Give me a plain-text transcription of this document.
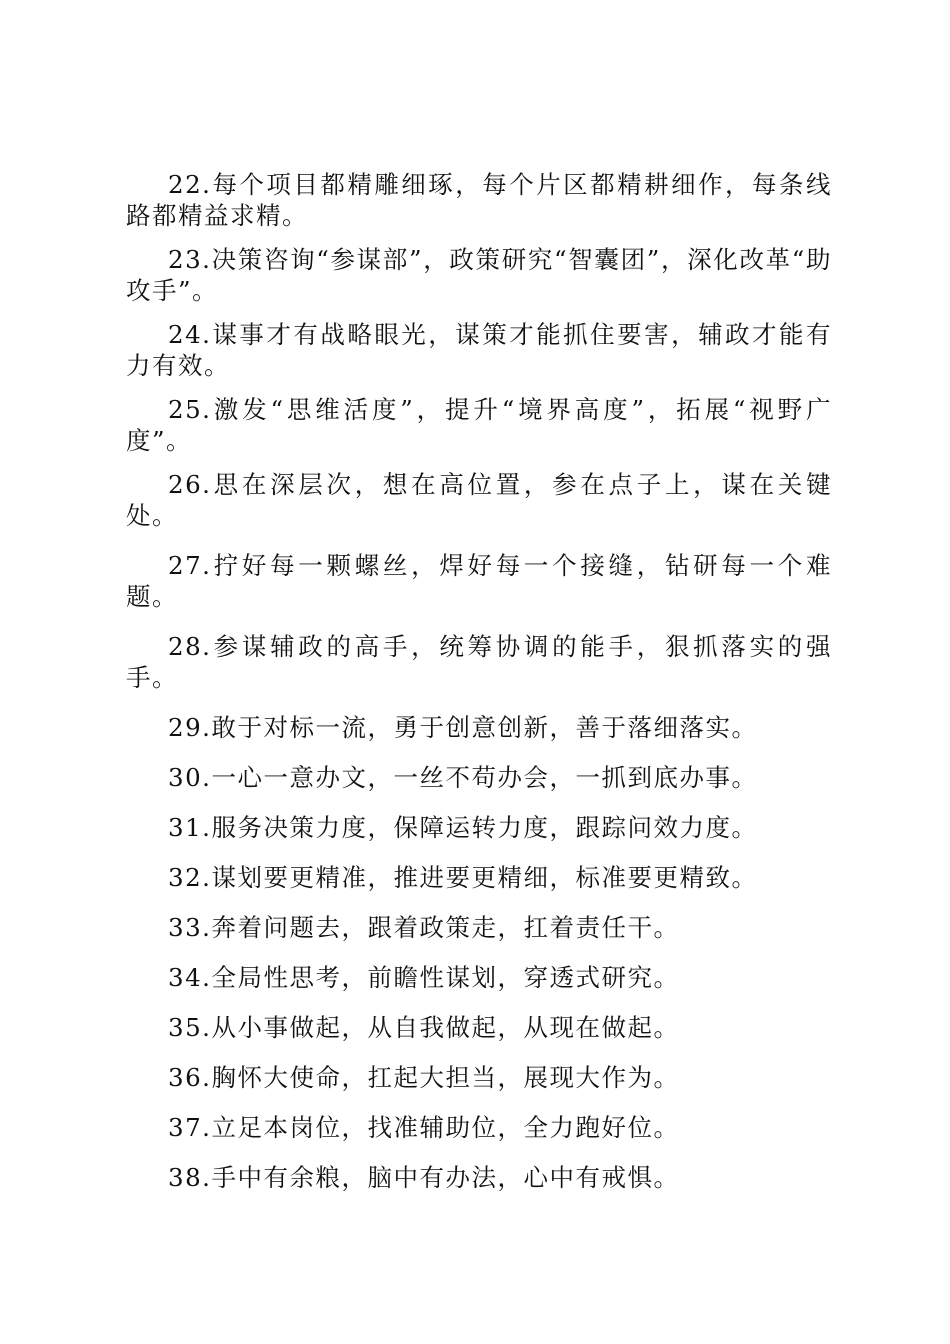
22.每个项目都精雕细琢，每个片区都精耕细作，每条线路都精益求精。

23.决策咨询“参谋部”，政策研究“智囊团”，深化改革“助攻手”。

24.谋事才有战略眼光，谋策才能抓住要害，辅政才能有力有效。

25.激发“思维活度”，提升“境界高度”，拓展“视野广度”。

26.思在深层次，想在高位置，参在点子上，谋在关键处。

27.拧好每一颗螺丝，焊好每一个接缝，钻研每一个难题。

28.参谋辅政的高手，统筹协调的能手，狠抓落实的强手。

29.敢于对标一流，勇于创意创新，善于落细落实。

30.一心一意办文，一丝不苟办会，一抓到底办事。

31.服务决策力度，保障运转力度，跟踪问效力度。

32.谋划要更精准，推进要更精细，标准要更精致。

33.奔着问题去，跟着政策走，扛着责任干。

34.全局性思考，前瞻性谋划，穿透式研究。

35.从小事做起，从自我做起，从现在做起。

36.胸怀大使命，扛起大担当，展现大作为。

37.立足本岗位，找准辅助位，全力跑好位。

38.手中有余粮，脑中有办法，心中有戒惧。
